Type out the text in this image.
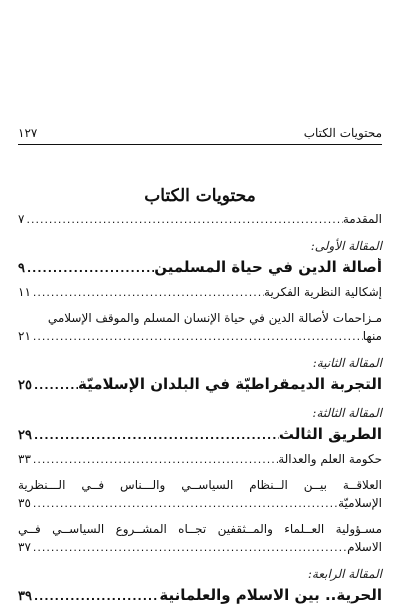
محتويات الكتاب
١٢٧
محتويات الكتاب
المقدمة
.....
٧
المقالة الأولى:
أصالة الدين في حياة المسلمين
.....
٩
إشكالية النظرية الفكرية
.....
١١
مـزاحمات لأصالة الدين في حياة الإنسان المسلم والموقف الإسلامي
منها
.....
٢١
المقالة الثانية:
التجربة الديمقراطيّة في البلدان الإسلاميّة
.....
٢٥
المقالة الثالثة:
الطريق الثالث
.....
٢٩
حكومة العلم والعدالة
.....
٣٣
العلاقــة بيــن الــنظام السياســي والـــناس فــي الـــنظرية
الإسلاميّة
.....
٣٥
مسـؤولية العــلماء والمــثقفين تجــاه المشــروع السياســي فــي
الاسلام
.....
٣٧
المقالة الرابعة:
الحرية.. بين الاسلام والعلمانية
.....
٣٩
